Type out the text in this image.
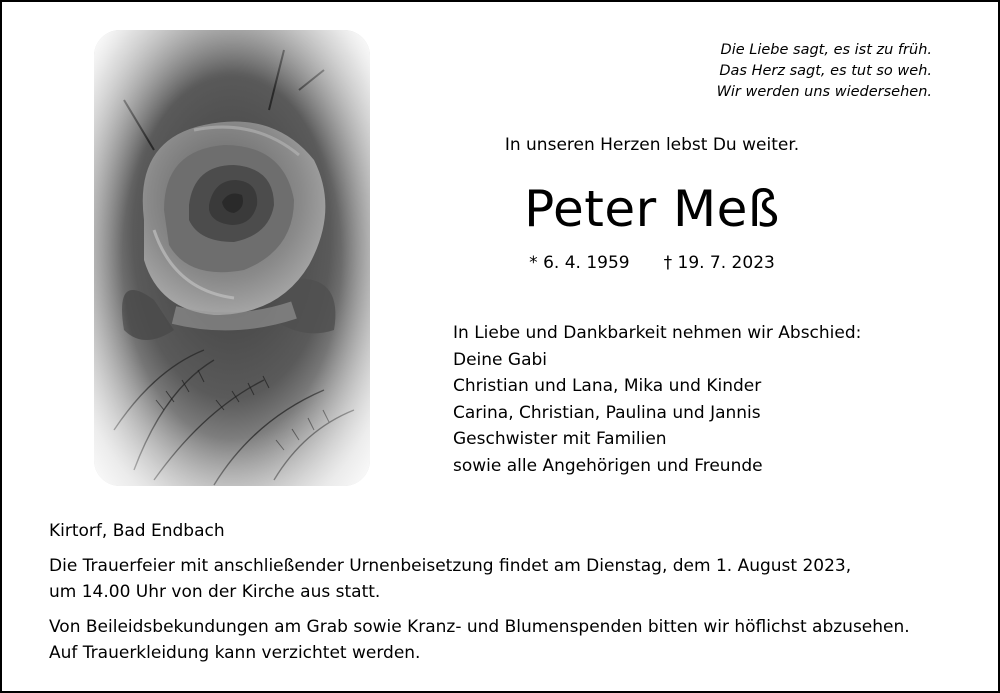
Die Liebe sagt, es ist zu früh.
Das Herz sagt, es tut so weh.
Wir werden uns wiedersehen.
In unseren Herzen lebst Du weiter.
Peter Meß
* 6. 4. 1959 † 19. 7. 2023
In Liebe und Dankbarkeit nehmen wir Abschied:
Deine Gabi
Christian und Lana, Mika und Kinder
Carina, Christian, Paulina und Jannis
Geschwister mit Familien
sowie alle Angehörigen und Freunde

Kirtorf, Bad Endbach

Die Trauerfeier mit anschließender Urnenbeisetzung findet am Dienstag, dem 1. August 2023,

um 14.00 Uhr von der Kirche aus statt.

Von Beileidsbekundungen am Grab sowie Kranz- und Blumenspenden bitten wir höflichst abzusehen.

Auf Trauerkleidung kann verzichtet werden.
